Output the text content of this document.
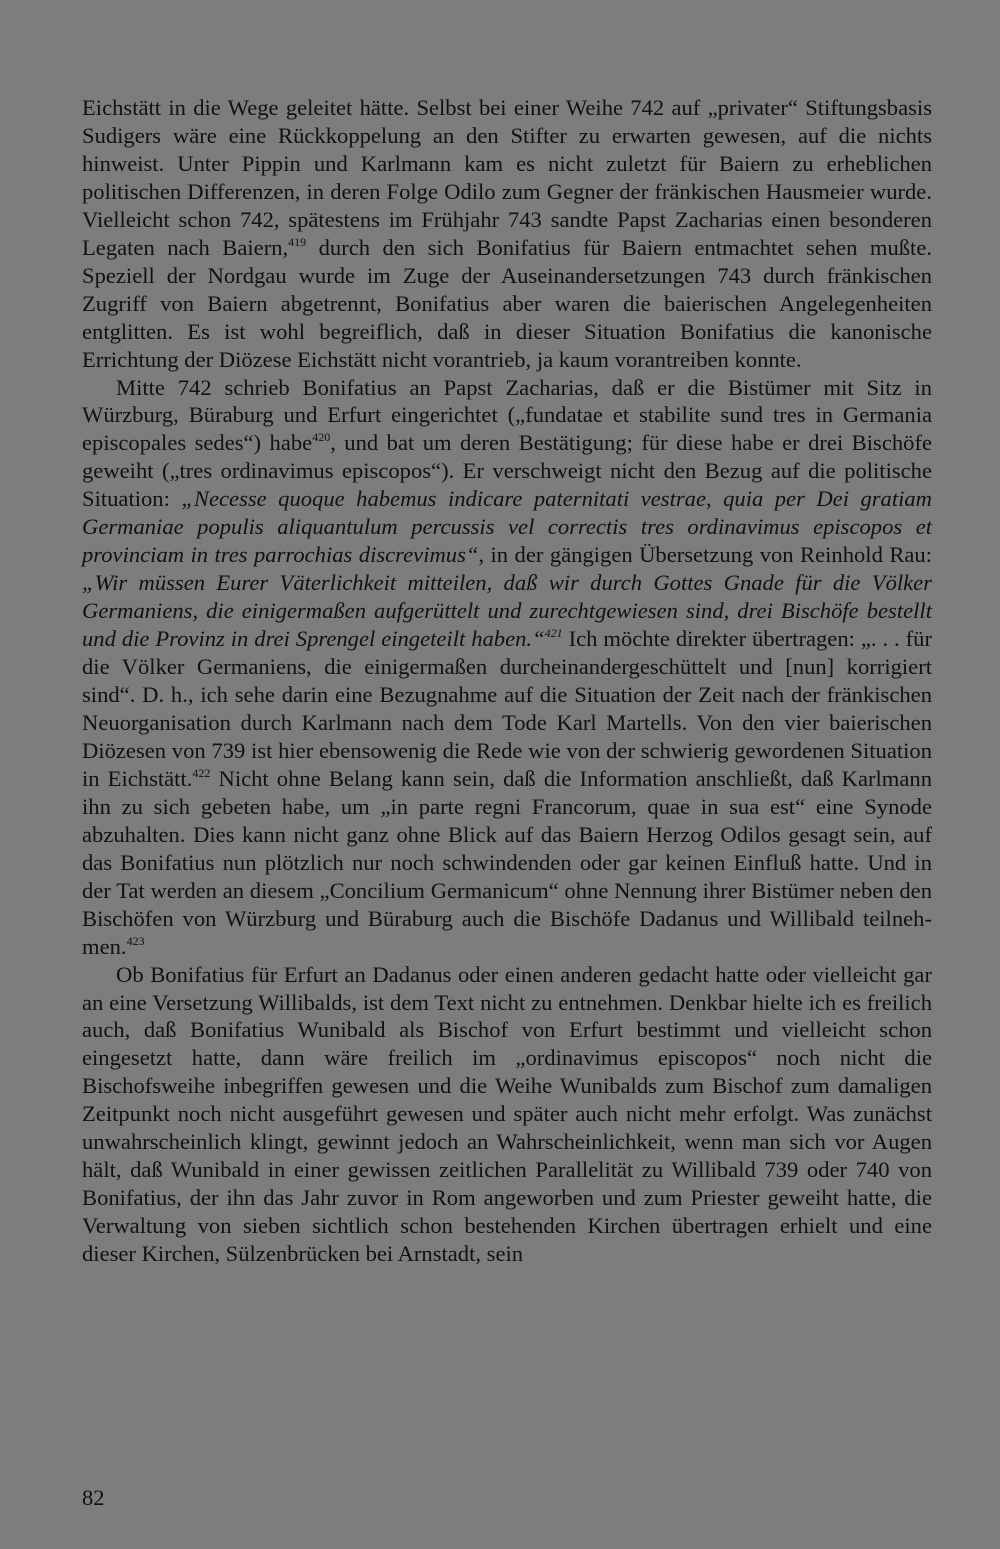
Eichstätt in die Wege geleitet hätte. Selbst bei einer Weihe 742 auf „privater“ Stiftungsbasis Sudigers wäre eine Rückkoppelung an den Stifter zu erwarten gewesen, auf die nichts hinweist. Unter Pippin und Karlmann kam es nicht zuletzt für Baiern zu erheblichen politischen Differenzen, in deren Folge Odilo zum Gegner der fränkischen Hausmeier wurde. Vielleicht schon 742, spätestens im Frühjahr 743 sandte Papst Zacharias einen besonderen Legaten nach Baiern,$^{419}$ durch den sich Bonifatius für Baiern entmachtet sehen mußte. Speziell der Nordgau wurde im Zuge der Auseinandersetzungen 743 durch fränkischen Zugriff von Baiern abgetrennt, Bonifatius aber waren die baierischen Angelegenheiten entglitten. Es ist wohl begreiflich, daß in dieser Situation Bonifatius die kanonische Errichtung der Diözese Eichstätt nicht vorantrieb, ja kaum vorantreiben konnte.

Mitte 742 schrieb Bonifatius an Papst Zacharias, daß er die Bistümer mit Sitz in Würzburg, Büraburg und Erfurt eingerichtet („fundatae et stabilite sund tres in Germania episcopales sedes“) habe$^{420}$, und bat um deren Bestätigung; für diese habe er drei Bischöfe geweiht („tres ordinavimus episcopos“). Er verschweigt nicht den Bezug auf die politische Situation: „Necesse quoque habemus indicare paternitati vestrae, quia per Dei gratiam Germaniae populis aliquantulum percussis vel correctis tres ordinavimus episcopos et provinciam in tres parrochias discrevimus“, in der gängigen Übersetzung von Reinhold Rau: „Wir müssen Eurer Väterlichkeit mitteilen, daß wir durch Gottes Gnade für die Völker Germaniens, die einigermaßen aufgerüttelt und zurechtgewiesen sind, drei Bischöfe bestellt und die Provinz in drei Sprengel eingeteilt haben.“$^{421}$ Ich möchte direkter übertragen: „. . . für die Völker Germaniens, die einigermaßen durcheinandergeschüttelt und [nun] korrigiert sind“. D. h., ich sehe darin eine Bezugnahme auf die Situation der Zeit nach der fränkischen Neuorganisation durch Karlmann nach dem Tode Karl Martells. Von den vier baierischen Diözesen von 739 ist hier ebensowenig die Rede wie von der schwierig gewordenen Situation in Eichstätt.$^{422}$ Nicht ohne Belang kann sein, daß die Information anschließt, daß Karlmann ihn zu sich gebeten habe, um „in parte regni Francorum, quae in sua est“ eine Synode abzuhalten. Dies kann nicht ganz ohne Blick auf das Baiern Herzog Odilos gesagt sein, auf das Bonifatius nun plötzlich nur noch schwindenden oder gar keinen Einfluß hatte. Und in der Tat werden an diesem „Concilium Germanicum“ ohne Nennung ihrer Bistümer neben den Bischöfen von Würzburg und Büraburg auch die Bischöfe Dadanus und Willibald teilnehmen.$^{423}$

Ob Bonifatius für Erfurt an Dadanus oder einen anderen gedacht hatte oder vielleicht gar an eine Versetzung Willibalds, ist dem Text nicht zu entnehmen. Denkbar hielte ich es freilich auch, daß Bonifatius Wunibald als Bischof von Erfurt bestimmt und vielleicht schon eingesetzt hatte, dann wäre freilich im „ordinavimus episcopos“ noch nicht die Bischofsweihe inbegriffen gewesen und die Weihe Wunibalds zum Bischof zum damaligen Zeitpunkt noch nicht ausgeführt gewesen und später auch nicht mehr erfolgt. Was zunächst unwahrscheinlich klingt, gewinnt jedoch an Wahrscheinlichkeit, wenn man sich vor Augen hält, daß Wunibald in einer gewissen zeitlichen Parallelität zu Willibald 739 oder 740 von Bonifatius, der ihn das Jahr zuvor in Rom angeworben und zum Priester geweiht hatte, die Verwaltung von sieben sichtlich schon bestehenden Kirchen übertragen erhielt und eine dieser Kirchen, Sülzenbrücken bei Arnstadt, sein

82
